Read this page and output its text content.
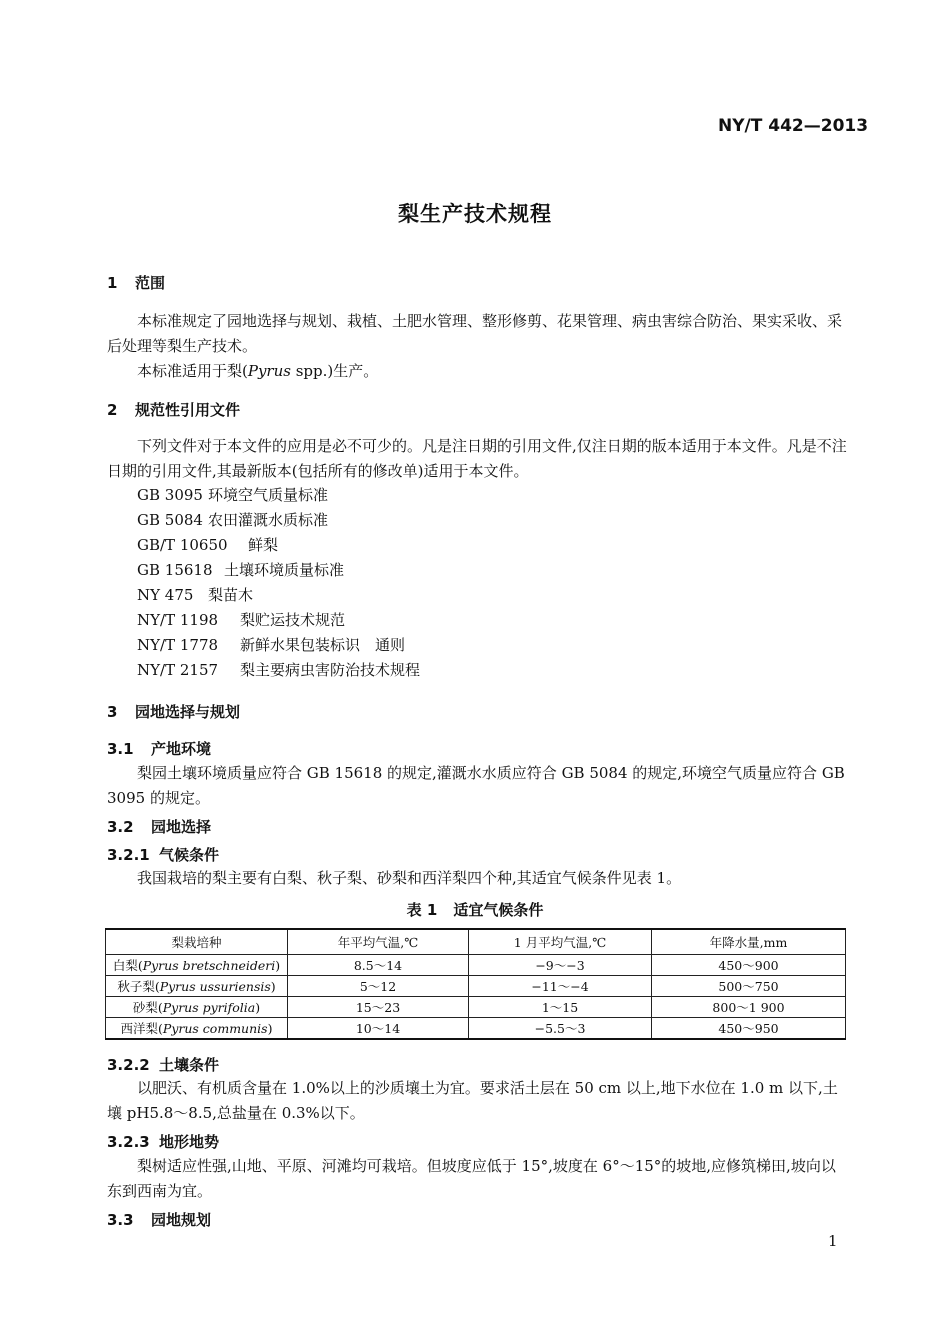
NY/T 442—2013
梨生产技术规程
1 范围
本标准规定了园地选择与规划、栽植、土肥水管理、整形修剪、花果管理、病虫害综合防治、果实采收、采后处理等梨生产技术。
本标准适用于梨(Pyrus spp.)生产。
2 规范性引用文件
下列文件对于本文件的应用是必不可少的。凡是注日期的引用文件,仅注日期的版本适用于本文件。凡是不注日期的引用文件,其最新版本(包括所有的修改单)适用于本文件。
GB 3095　 环境空气质量标准
GB 5084　 农田灌溉水质标准
GB/T 10650　 鲜梨
GB 15618　 土壤环境质量标准
NY 475　 梨苗木
NY/T 1198　 梨贮运技术规范
NY/T 1778　 新鲜水果包装标识　通则
NY/T 2157　 梨主要病虫害防治技术规程
3 园地选择与规划
3.1 产地环境
梨园土壤环境质量应符合 GB 15618 的规定,灌溉水水质应符合 GB 5084 的规定,环境空气质量应符合 GB 3095 的规定。
3.2 园地选择
3.2.1 气候条件
我国栽培的梨主要有白梨、秋子梨、砂梨和西洋梨四个种,其适宜气候条件见表 1。
表 1 适宜气候条件
梨栽培种	年平均气温,℃	1 月平均气温,℃	年降水量,mm
白梨(Pyrus bretschneideri)	8.5～14	−9～−3	450～900
秋子梨(Pyrus ussuriensis)	5～12	−11～−4	500～750
砂梨(Pyrus pyrifolia)	15～23	1～15	800～1 900
西洋梨(Pyrus communis)	10～14	−5.5～3	450～950
3.2.2 土壤条件
以肥沃、有机质含量在 1.0%以上的沙质壤土为宜。要求活土层在 50 cm 以上,地下水位在 1.0 m 以下,土壤 pH5.8～8.5,总盐量在 0.3%以下。
3.2.3 地形地势
梨树适应性强,山地、平原、河滩均可栽培。但坡度应低于 15°,坡度在 6°～15°的坡地,应修筑梯田,坡向以东到西南为宜。
3.3 园地规划
1
